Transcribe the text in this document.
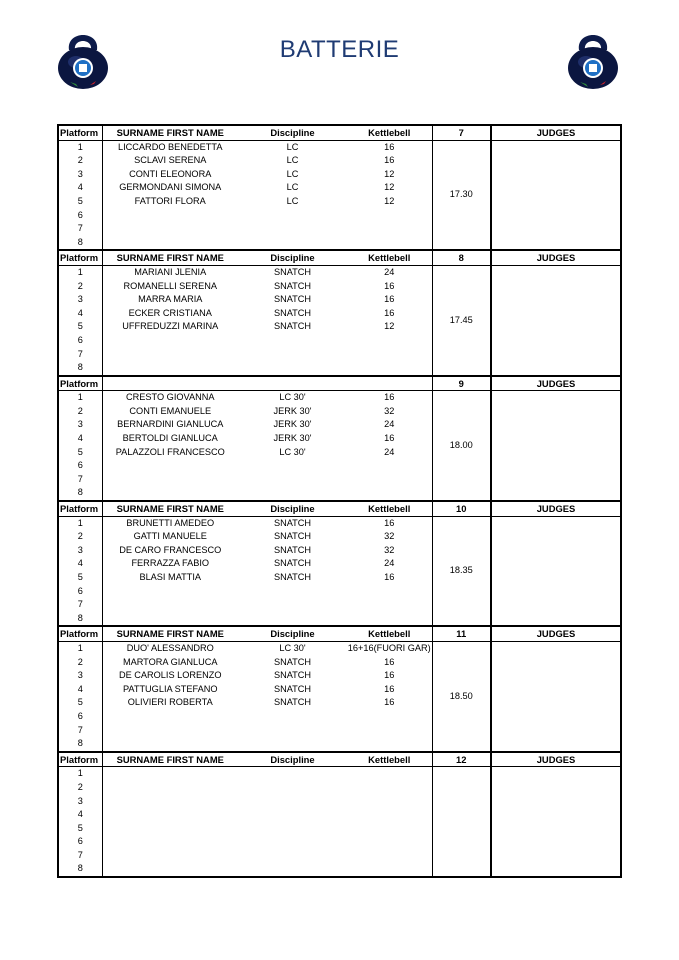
BATTERIE
Platform	SURNAME FIRST NAME	Discipline	Kettlebell	7	JUDGES
1	LICCARDO BENEDETTA	LC	16	17.30	
2	SCLAVI SERENA	LC	16		
3	CONTI ELEONORA	LC	12		
4	GERMONDANI SIMONA	LC	12		
5	FATTORI FLORA	LC	12		
6					
7					
8					
Platform	SURNAME FIRST NAME	Discipline	Kettlebell	8	JUDGES
1	MARIANI JLENIA	SNATCH	24	17.45	
2	ROMANELLI SERENA	SNATCH	16		
3	MARRA MARIA	SNATCH	16		
4	ECKER CRISTIANA	SNATCH	16		
5	UFFREDUZZI MARINA	SNATCH	12		
6					
7					
8					
Platform				9	JUDGES
1	CRESTO GIOVANNA	LC 30'	16	18.00	
2	CONTI EMANUELE	JERK 30'	32		
3	BERNARDINI GIANLUCA	JERK 30'	24		
4	BERTOLDI GIANLUCA	JERK 30'	16		
5	PALAZZOLI FRANCESCO	LC 30'	24		
6					
7					
8					
Platform	SURNAME FIRST NAME	Discipline	Kettlebell	10	JUDGES
1	BRUNETTI AMEDEO	SNATCH	16	18.35	
2	GATTI MANUELE	SNATCH	32		
3	DE CARO FRANCESCO	SNATCH	32		
4	FERRAZZA FABIO	SNATCH	24		
5	BLASI MATTIA	SNATCH	16		
6					
7					
8					
Platform	SURNAME FIRST NAME	Discipline	Kettlebell	11	JUDGES
1	DUO' ALESSANDRO	LC 30'	16+16(FUORI GAR)	18.50	
2	MARTORA GIANLUCA	SNATCH	16		
3	DE CAROLIS LORENZO	SNATCH	16		
4	PATTUGLIA STEFANO	SNATCH	16		
5	OLIVIERI ROBERTA	SNATCH	16		
6					
7					
8					
Platform	SURNAME FIRST NAME	Discipline	Kettlebell	12	JUDGES
1					
2					
3					
4					
5					
6					
7					
8					
